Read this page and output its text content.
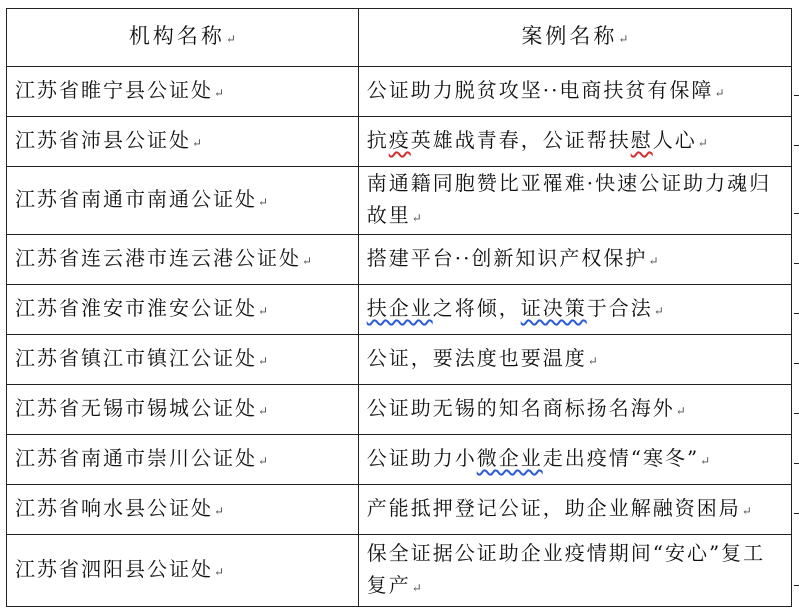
机构名称↵	案例名称↵
江苏省睢宁县公证处↵	公证助力脱贫攻坚··电商扶贫有保障↵
江苏省沛县公证处↵	抗疫英雄战青春，公证帮扶慰人心↵
江苏省南通市南通公证处↵	南通籍同胞赞比亚罹难·快速公证助力魂归故里↵
江苏省连云港市连云港公证处↵	搭建平台··创新知识产权保护↵
江苏省淮安市淮安公证处↵	扶企业之将倾，证决策于合法↵
江苏省镇江市镇江公证处↵	公证，要法度也要温度↵
江苏省无锡市锡城公证处↵	公证助无锡的知名商标扬名海外↵
江苏省南通市崇川公证处↵	公证助力小微企业走出疫情“寒冬”↵
江苏省响水县公证处↵	产能抵押登记公证，助企业解融资困局↵
江苏省泗阳县公证处↵	保全证据公证助企业疫情期间“安心”复工复产↵
